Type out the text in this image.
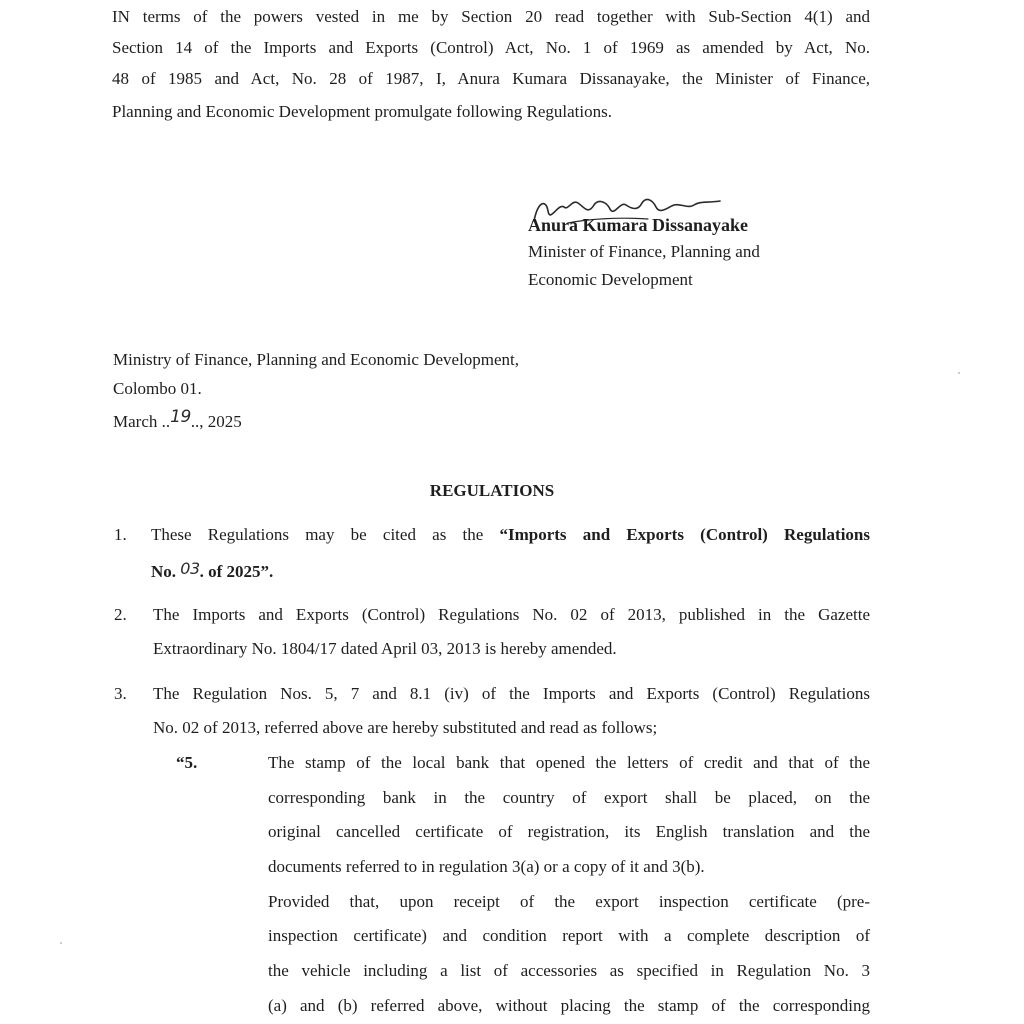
IN terms of the powers vested in me by Section 20 read together with Sub-Section 4(1) and
Section 14 of the Imports and Exports (Control) Act, No. 1 of 1969 as amended by Act, No.
48 of 1985 and Act, No. 28 of 1987, I, Anura Kumara Dissanayake, the Minister of Finance,
Planning and Economic Development promulgate following Regulations.
Anura Kumara Dissanayake
Minister of Finance, Planning and
Economic Development
Ministry of Finance, Planning and Economic Development,
Colombo 01.
March ..19.., 2025
REGULATIONS
1. These Regulations may be cited as the “Imports and Exports (Control) Regulations
No. 03. of 2025”.
2. The Imports and Exports (Control) Regulations No. 02 of 2013, published in the Gazette
Extraordinary No. 1804/17 dated April 03, 2013 is hereby amended.
3. The Regulation Nos. 5, 7 and 8.1 (iv) of the Imports and Exports (Control) Regulations
No. 02 of 2013, referred above are hereby substituted and read as follows;
“5.	The stamp of the local bank that opened the letters of credit and that of the
corresponding bank in the country of export shall be placed, on the
original cancelled certificate of registration, its English translation and the
documents referred to in regulation 3(a) or a copy of it and 3(b).
Provided that, upon receipt of the export inspection certificate (pre-
inspection certificate) and condition report with a complete description of
the vehicle including a list of accessories as specified in Regulation No. 3
(a) and (b) referred above, without placing the stamp of the corresponding
